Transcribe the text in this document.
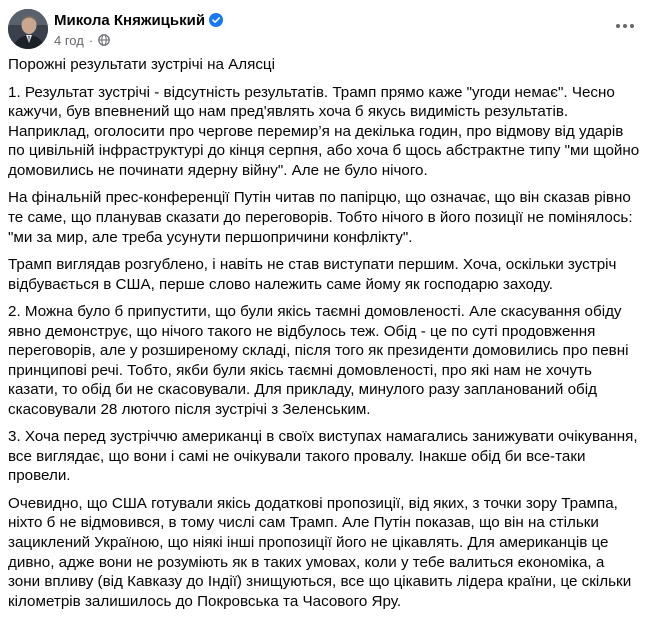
Микола Княжицький
4 год ·

Порожні результати зустрічі на Алясці

1. Результат зустрічі - відсутність результатів. Трамп прямо каже "угоди немає". Чесно кажучи, був впевнений що нам пред'являть хоча б якусь видимість результатів. Наприклад, оголосити про чергове перемир’я на декілька годин, про відмову від ударів по цивільній інфраструктурі до кінця серпня, або хоча б щось абстрактне типу "ми щойно домовились не починати ядерну війну". Але не було нічого.

На фінальній прес-конференції Путін читав по папірцю, що означає, що він сказав рівно те саме, що планував сказати до переговорів. Тобто нічого в його позиції не помінялось: "ми за мир, але треба усунути першопричини конфлікту".

Трамп виглядав розгублено, і навіть не став виступати першим. Хоча, оскільки зустріч відбувається в США, перше слово належить саме йому як господарю заходу.

2. Можна було б припустити, що були якісь таємні домовленості. Але скасування обіду явно демонструє, що нічого такого не відбулось теж. Обід - це по суті продовження переговорів, але у розширеному складі, після того як президенти домовились про певні принципові речі. Тобто, якби були якісь таємні домовленості, про які нам не хочуть казати, то обід би не скасовували. Для прикладу, минулого разу запланований обід скасовували 28 лютого після зустрічі з Зеленським.

3. Хоча перед зустріччю американці в своїх виступах намагались занижувати очікування, все виглядає, що вони і самі не очікували такого провалу. Інакше обід би все-таки провели.

Очевидно, що США готували якісь додаткові пропозиції, від яких, з точки зору Трампа, ніхто б не відмовився, в тому числі сам Трамп. Але Путін показав, що він на стільки зациклений Україною, що ніякі інші пропозиції його не цікавлять. Для американців це дивно, адже вони не розуміють як в таких умовах, коли у тебе валиться економіка, а зони впливу (від Кавказу до Індії) знищуються, все що цікавить лідера країни, це скільки кілометрів залишилось до Покровська та Часового Яру.
